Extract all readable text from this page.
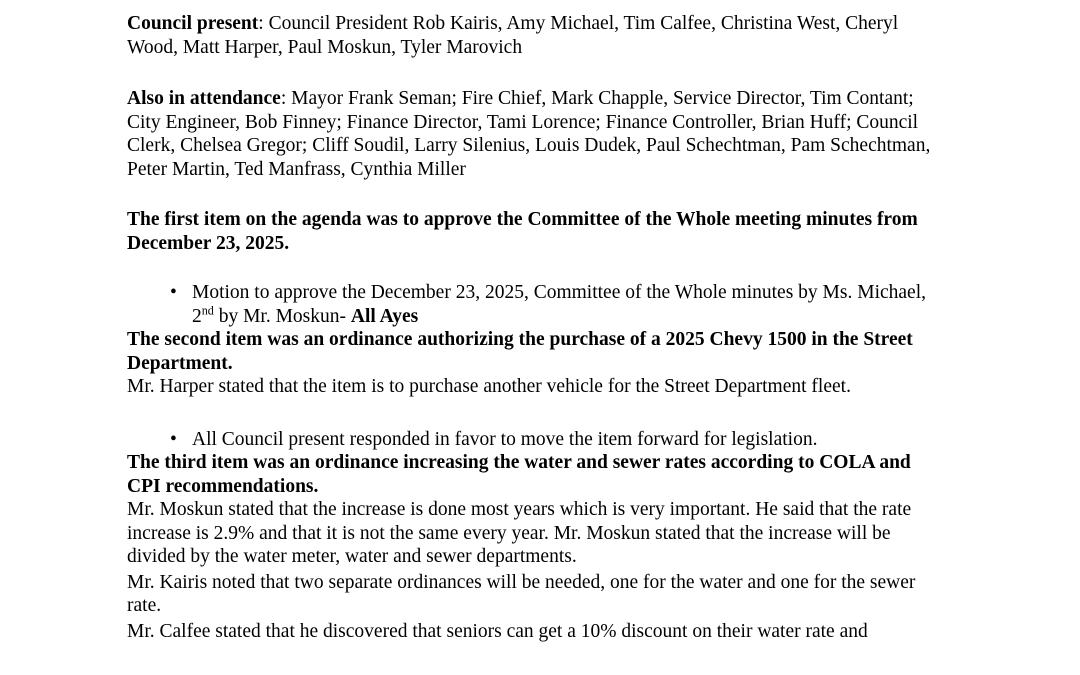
Council present: Council President Rob Kairis, Amy Michael, Tim Calfee, Christina West, Cheryl Wood, Matt Harper, Paul Moskun, Tyler Marovich

Also in attendance: Mayor Frank Seman; Fire Chief, Mark Chapple, Service Director, Tim Contant; City Engineer, Bob Finney; Finance Director, Tami Lorence; Finance Controller, Brian Huff; Council Clerk, Chelsea Gregor; Cliff Soudil, Larry Silenius, Louis Dudek, Paul Schechtman, Pam Schechtman, Peter Martin, Ted Manfrass, Cynthia Miller

The first item on the agenda was to approve the Committee of the Whole meeting minutes from December 23, 2025.

• Motion to approve the December 23, 2025, Committee of the Whole minutes by Ms. Michael, 2nd by Mr. Moskun- All Ayes

The second item was an ordinance authorizing the purchase of a 2025 Chevy 1500 in the Street Department.

Mr. Harper stated that the item is to purchase another vehicle for the Street Department fleet.

• All Council present responded in favor to move the item forward for legislation.

The third item was an ordinance increasing the water and sewer rates according to COLA and CPI recommendations.

Mr. Moskun stated that the increase is done most years which is very important. He said that the rate increase is 2.9% and that it is not the same every year. Mr. Moskun stated that the increase will be divided by the water meter, water and sewer departments.

Mr. Kairis noted that two separate ordinances will be needed, one for the water and one for the sewer rate.

Mr. Calfee stated that he discovered that seniors can get a 10% discount on their water rate and
